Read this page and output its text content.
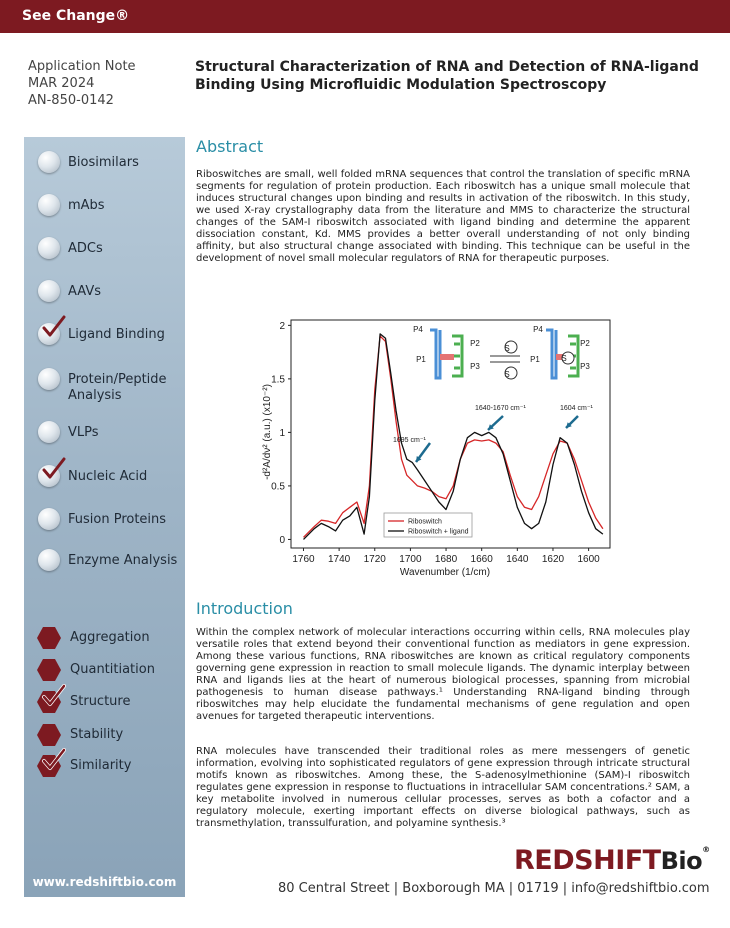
See Change®
Application Note
MAR 2024
AN-850-0142
Structural Characterization of RNA and Detection of RNA-ligand Binding Using Microfluidic Modulation Spectroscopy
Biosimilars
mAbs
ADCs
AAVs
Ligand Binding
Protein/Peptide Analysis
VLPs
Nucleic Acid
Fusion Proteins
Enzyme Analysis
Aggregation
Quantitiation
Structure
Stability
Similarity
www.redshiftbio.com
Abstract
Riboswitches are small, well folded mRNA sequences that control the translation of specific mRNA segments for regulation of protein production. Each riboswitch has a unique small molecule that induces structural changes upon binding and results in activation of the riboswitch. In this study, we used X-ray crystallography data from the literature and MMS to characterize the structural changes of the SAM-I riboswitch associated with ligand binding and determine the apparent dissociation constant, Kd. MMS provides a better overall understanding of not only binding affinity, but also structural change associated with binding. This technique can be useful in the development of novel small molecular regulators of RNA for therapeutic purposes.
1760 1740 1720 1700 1680 1660 1640 1620 1600
0
0.5
1
1.5
2
1695 cm⁻¹
1640-1670 cm⁻¹	1604 cm⁻¹
Riboswitch
Riboswitch + ligand
P4
P2
P1
P3
S
S
P4
P2
P1
P3
S
Wavenumber (1/cm)
-d²A/dν² (a.u.) (x10⁻²)
Introduction
Within the complex network of molecular interactions occurring within cells, RNA molecules play versatile roles that extend beyond their conventional function as mediators in gene expression. Among these various functions, RNA riboswitches are known as critical regulatory components governing gene expression in reaction to small molecule ligands. The dynamic interplay between RNA and ligands lies at the heart of numerous biological processes, spanning from microbial pathogenesis to human disease pathways.¹ Understanding RNA-ligand binding through riboswitches may help elucidate the fundamental mechanisms of gene regulation and open avenues for targeted therapeutic interventions.
RNA molecules have transcended their traditional roles as mere messengers of genetic information, evolving into sophisticated regulators of gene expression through intricate structural motifs known as riboswitches. Among these, the S-adenosylmethionine (SAM)-I riboswitch regulates gene expression in response to fluctuations in intracellular SAM concentrations.² SAM, a key metabolite involved in numerous cellular processes, serves as both a cofactor and a regulatory molecule, exerting important effects on diverse biological pathways, such as transmethylation, transsulfuration, and polyamine synthesis.³
REDSHIFTBio®
80 Central Street | Boxborough MA | 01719 | info@redshiftbio.com
